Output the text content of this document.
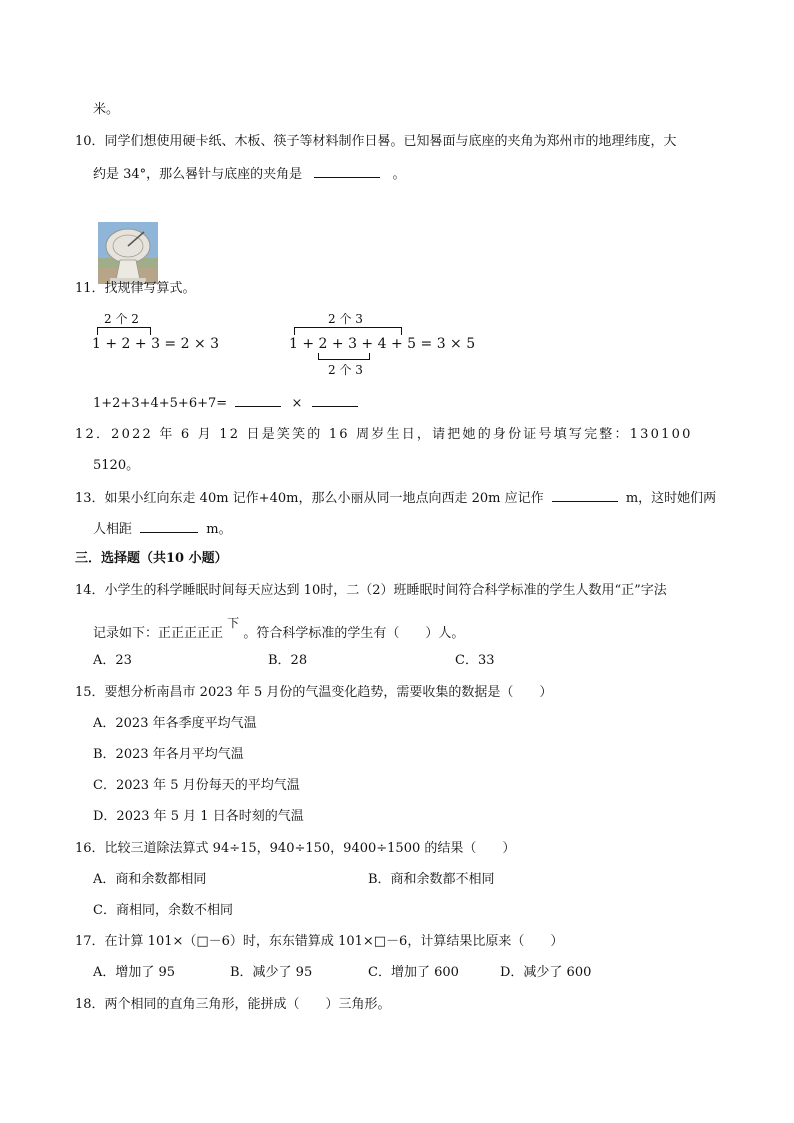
米。
10．同学们想使用硬卡纸、木板、筷子等材料制作日晷。已知晷面与底座的夹角为郑州市的地理纬度，大
约是 34°，那么晷针与底座的夹角是	。
11．找规律写算式。
2 个 2
1 + 2 + 3 = 2 × 3
2 个 3
1 + 2 + 3 + 4 + 5 = 3 × 5
2 个 3
1+2+3+4+5+6+7=	×
12．2022 年 6 月 12 日是笑笑的 16 周岁生日，请把她的身份证号填写完整：130100
5120。
13．如果小红向东走 40m 记作+40m，那么小丽从同一地点向西走 20m 应记作	m，这时她们两
人相距	m。
三．选择题（共10 小题）
14．小学生的科学睡眠时间每天应达到 10时，二（2）班睡眠时间符合科学标准的学生人数用“正”字法
记录如下：正正正正正 下 。符合科学标准的学生有（　　）人。
A．23	B．28	C．33
15．要想分析南昌市 2023 年 5 月份的气温变化趋势，需要收集的数据是（　　）
A．2023 年各季度平均气温
B．2023 年各月平均气温
C．2023 年 5 月份每天的平均气温
D．2023 年 5 月 1 日各时刻的气温
16．比较三道除法算式 94÷15，940÷150，9400÷1500 的结果（　　）
A．商和余数都相同	B．商和余数都不相同
C．商相同，余数不相同
17．在计算 101×（□－6）时，东东错算成 101×□－6，计算结果比原来（　　）
A．增加了 95	B．减少了 95	C．增加了 600	D．减少了 600
18．两个相同的直角三角形，能拼成（　　）三角形。
